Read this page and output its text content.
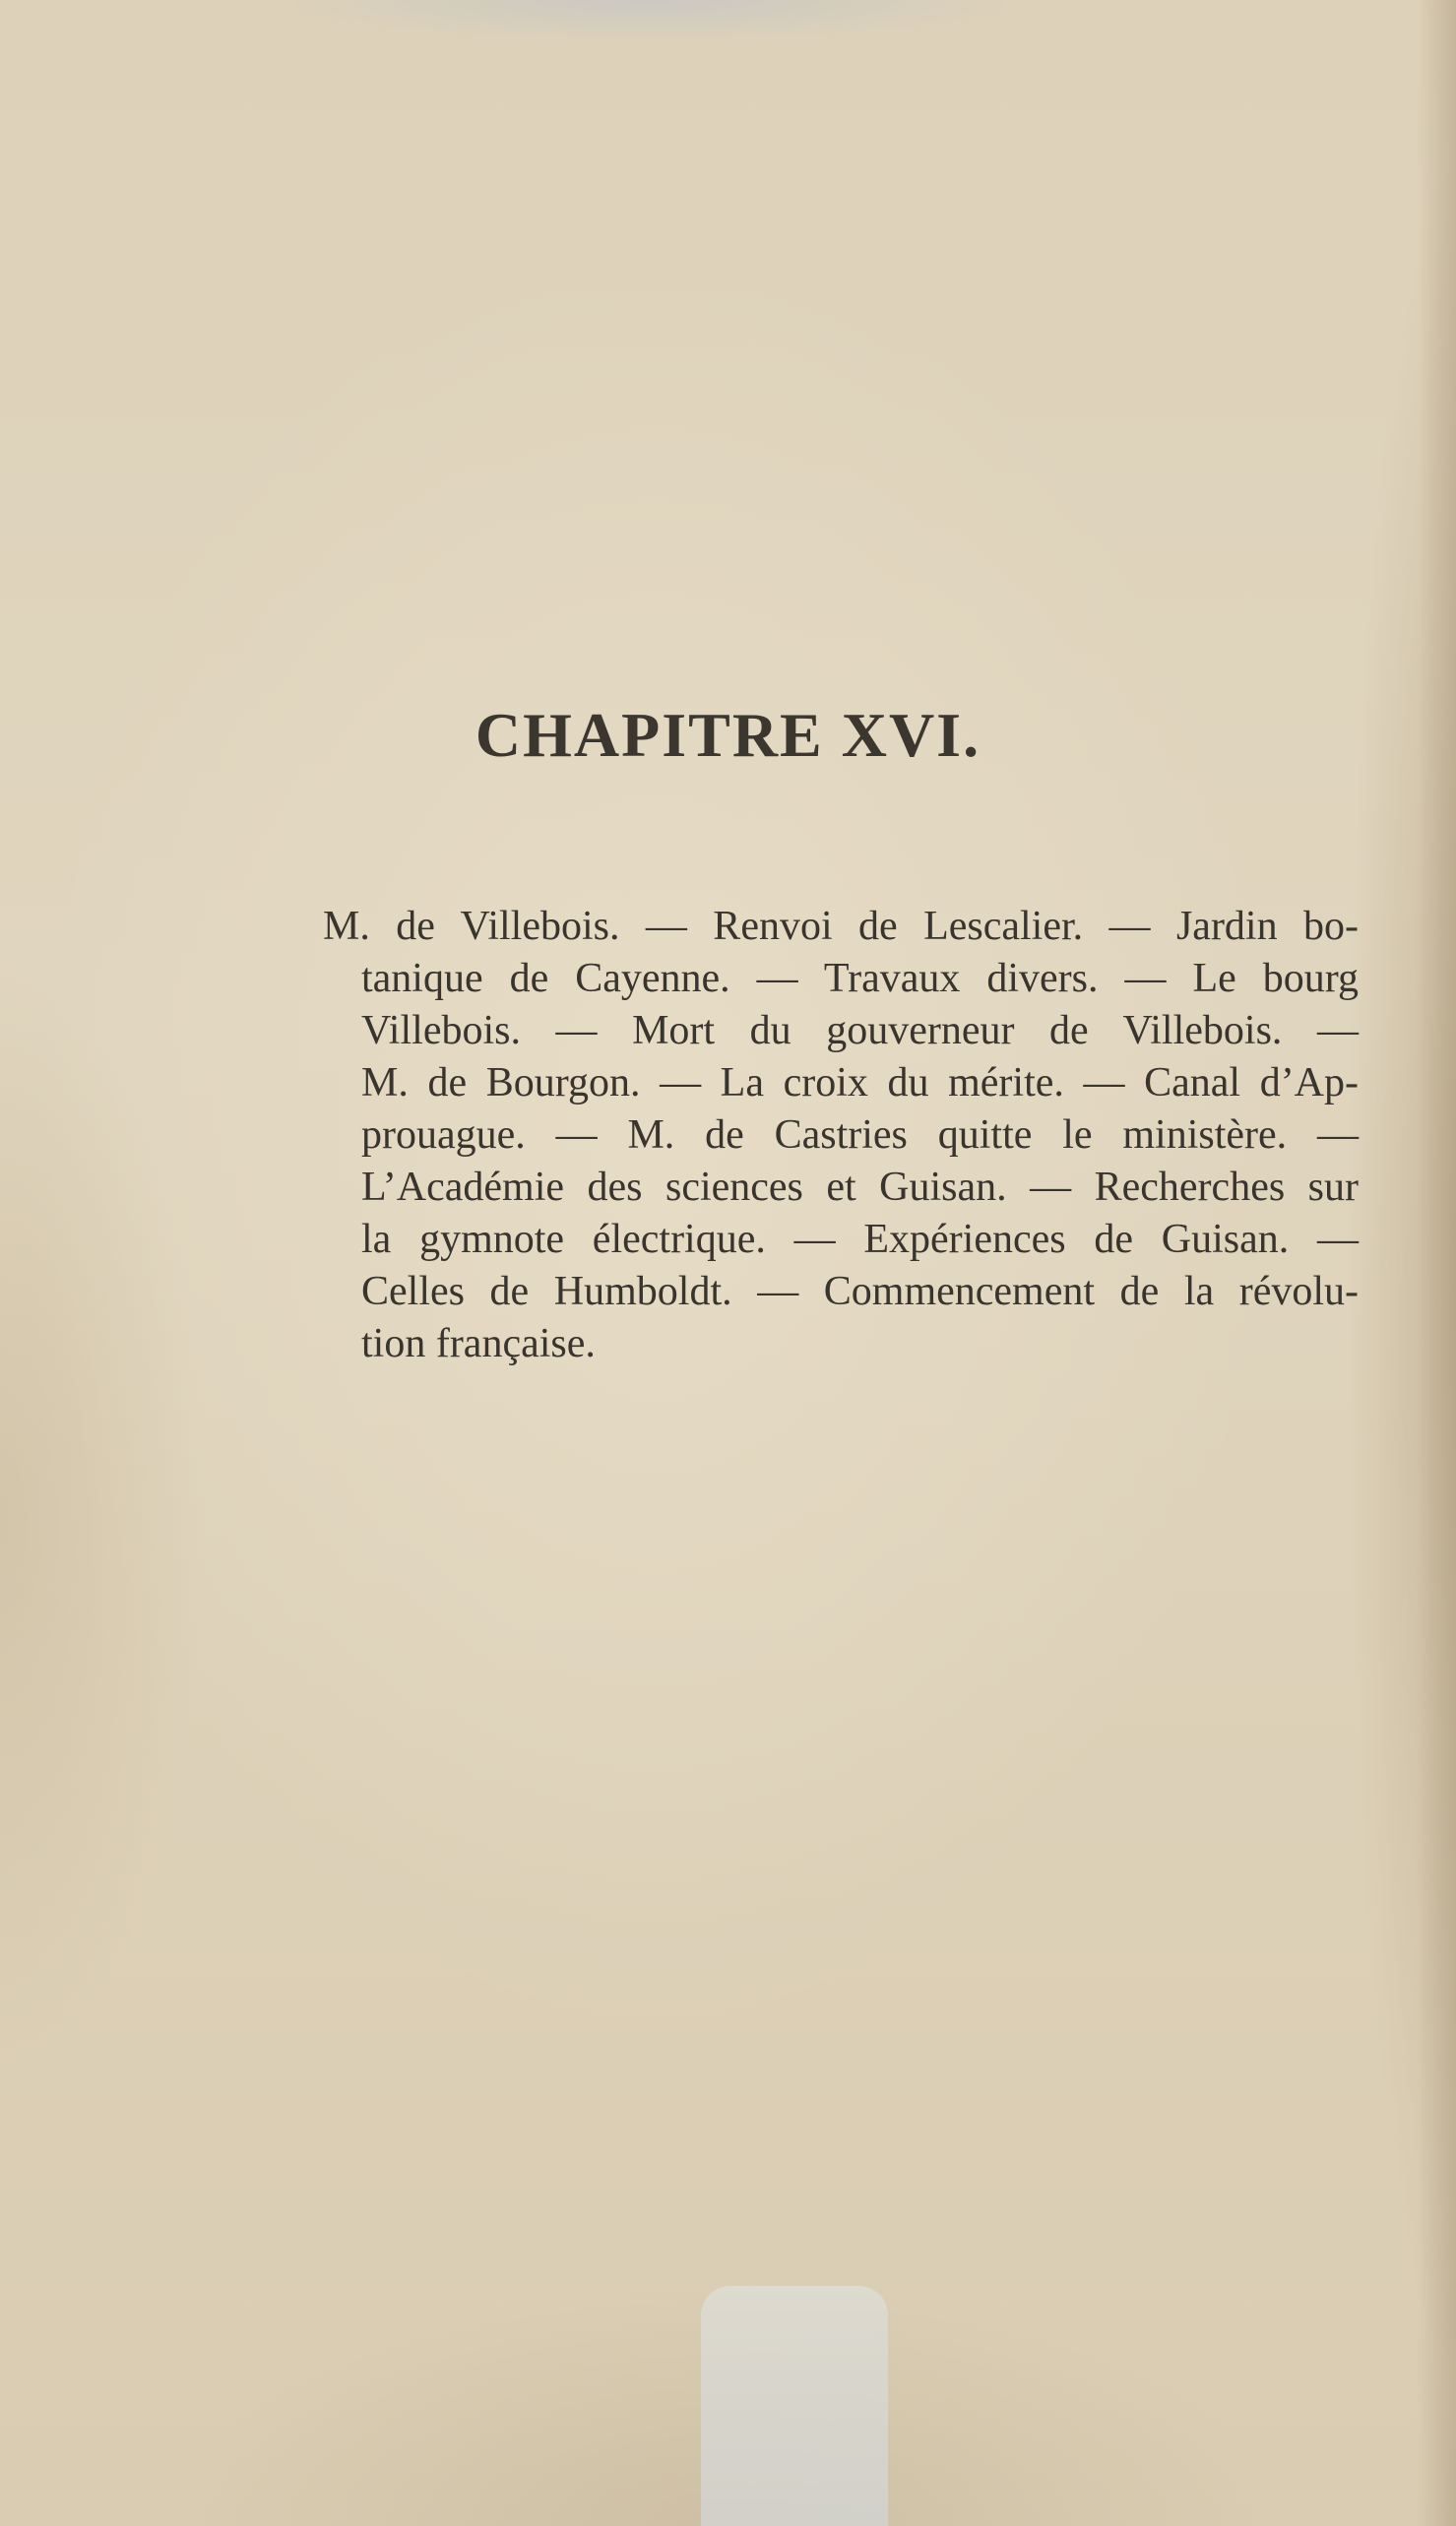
CHAPITRE XVI.

M. de Villebois. — Renvoi de Lescalier. — Jardin bo-
tanique de Cayenne. — Travaux divers. — Le bourg
Villebois. — Mort du gouverneur de Villebois. —
M. de Bourgon. — La croix du mérite. — Canal d’Ap-
prouague. — M. de Castries quitte le ministère. —
L’Académie des sciences et Guisan. — Recherches sur
la gymnote électrique. — Expériences de Guisan. —
Celles de Humboldt. — Commencement de la révolu-
tion française.
